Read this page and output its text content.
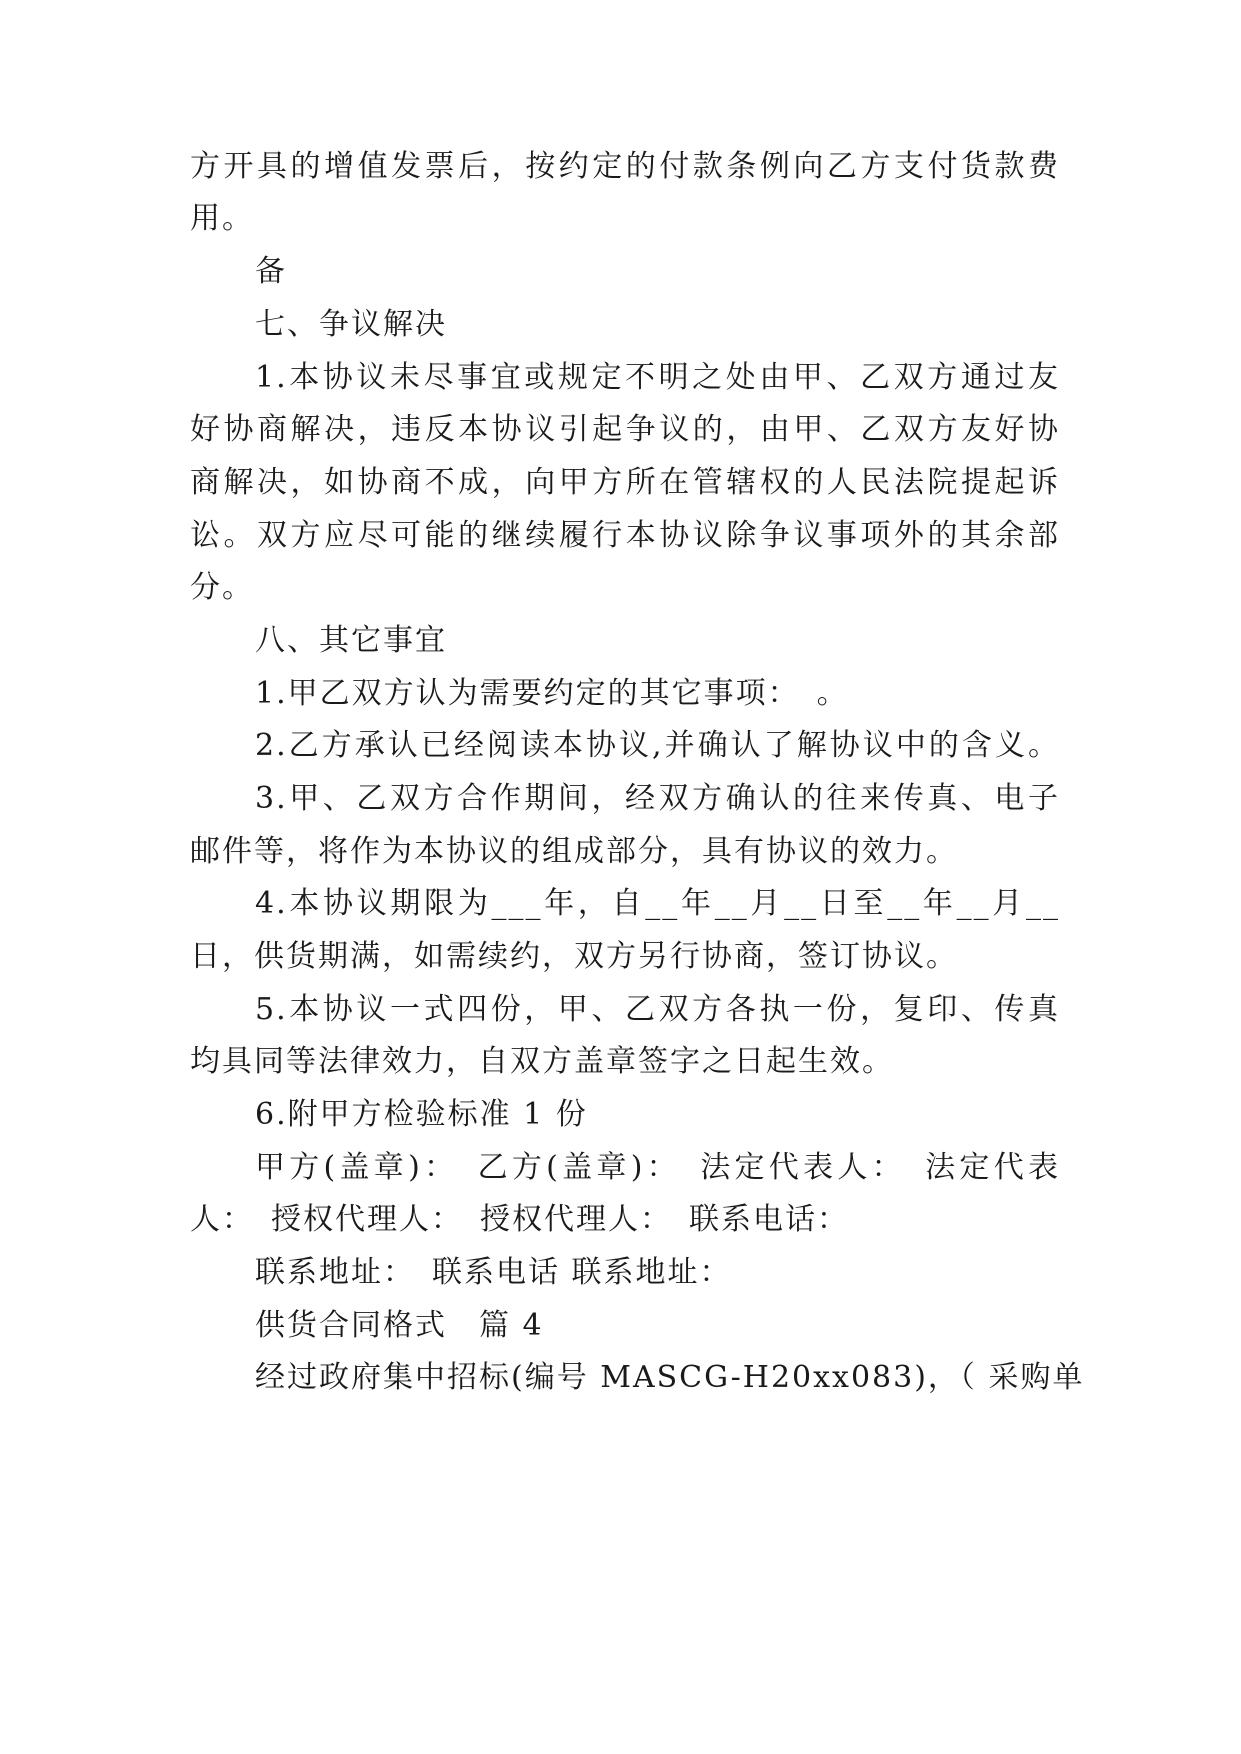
方开具的增值发票后，按约定的付款条例向乙方支付货款费
用。
备
七、争议解决
1.本协议未尽事宜或规定不明之处由甲、乙双方通过友
好协商解决，违反本协议引起争议的，由甲、乙双方友好协
商解决，如协商不成，向甲方所在管辖权的人民法院提起诉
讼。双方应尽可能的继续履行本协议除争议事项外的其余部
分。
八、其它事宜
1.甲乙双方认为需要约定的其它事项：　。
2.乙方承认已经阅读本协议,并确认了解协议中的含义。
3.甲、乙双方合作期间，经双方确认的往来传真、电子
邮件等，将作为本协议的组成部分，具有协议的效力。
4.本协议期限为___年，自__年__月__日至__年__月__
日，供货期满，如需续约，双方另行协商，签订协议。
5.本协议一式四份，甲、乙双方各执一份，复印、传真
均具同等法律效力，自双方盖章签字之日起生效。
6.附甲方检验标准 1 份
甲方(盖章)：　乙方(盖章)：　法定代表人：　法定代表
人：　授权代理人：　授权代理人：　联系电话：
联系地址：　联系电话 联系地址：
供货合同格式　篇 4
经过政府集中招标(编号 MASCG-H20xx083)，（ 采购单
